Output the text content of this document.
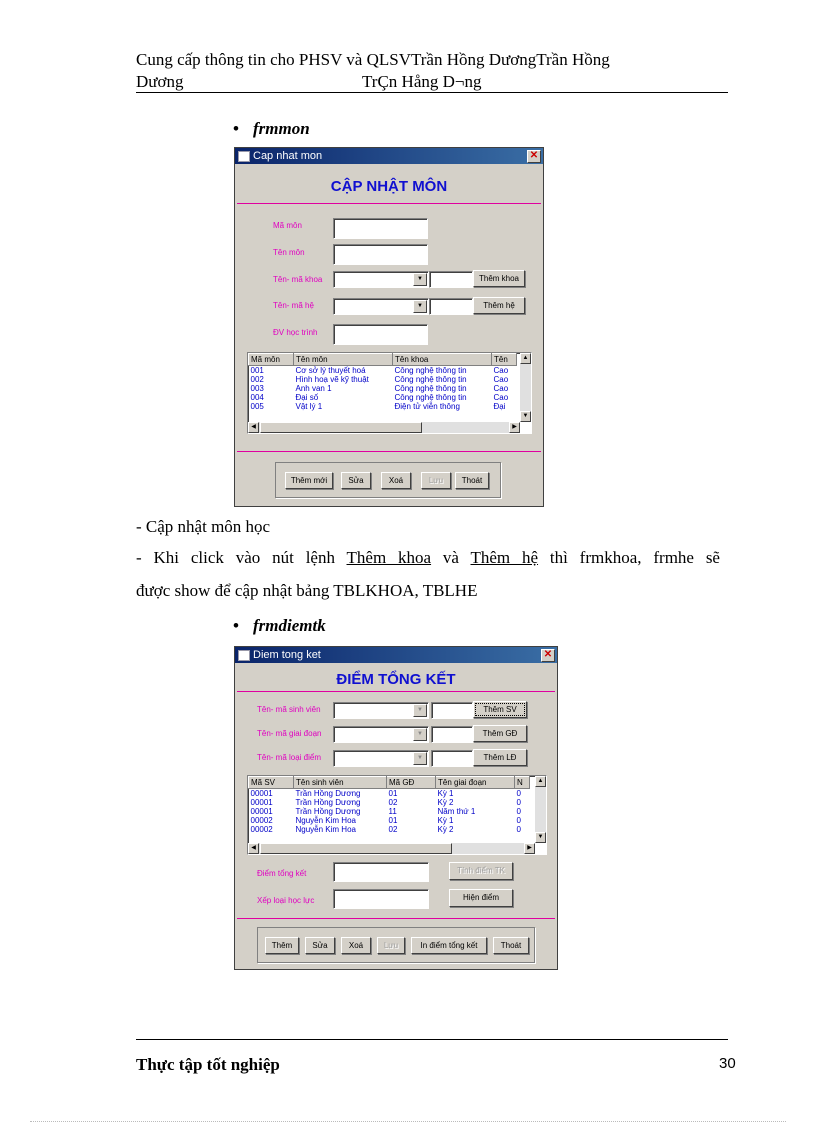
Cung cấp thông tin cho PHSV và QLSVTrần Hồng DươngTrần Hồng
Dương	TrÇn Hång D¬ng
• frmmon
Cap nhat mon	✕
CẬP NHẬT MÔN
Mã môn
Tên môn
Tên- mã khoa	▼	Thêm khoa
Tên- mã hệ	▼	Thêm hệ
ĐV học trình
Mã môn	Tên môn	Tên khoa	Tên
001	Cơ sở lý thuyết hoá	Công nghệ thông tin	Cao
002	Hình hoạ vẽ kỹ thuật	Công nghệ thông tin	Cao
003	Anh van 1	Công nghệ thông tin	Cao
004	Đại số	Công nghệ thông tin	Cao
005	Vật lý 1	Điện tử viễn thông	Đại
▲
▼
◀	▶
Thêm mới	Sửa	Xoá	Lưu	Thoát
- Cập nhật môn học
- Khi click vào nút lệnh Thêm khoa và Thêm hệ thì frmkhoa, frmhe sẽ
được show để cập nhật bảng TBLKHOA, TBLHE
• frmdiemtk
Diem tong ket	✕
ĐIỂM TỔNG KẾT
Tên- mã sinh viên	▼	Thêm SV
Tên- mã giai đoạn	▼	Thêm GĐ
Tên- mã loại điểm	▼	Thêm LĐ
Mã SV	Tên sinh viên	Mã GĐ	Tên giai đoạn	Ν
00001	Trần Hồng Dương	01	Kỳ 1	0
00001	Trần Hồng Dương	02	Kỳ 2	0
00001	Trần Hồng Dương	11	Năm thứ 1	0
00002	Nguyễn Kim Hoa	01	Kỳ 1	0
00002	Nguyễn Kim Hoa	02	Kỳ 2	0
▲
▼
◀	▶
Điểm tổng kết	Tính điểm TK
Xếp loại học lực	Hiện điểm
Thêm	Sửa	Xoá	Lưu	In điểm tổng kết	Thoát
Thực tập tốt nghiệp	30
